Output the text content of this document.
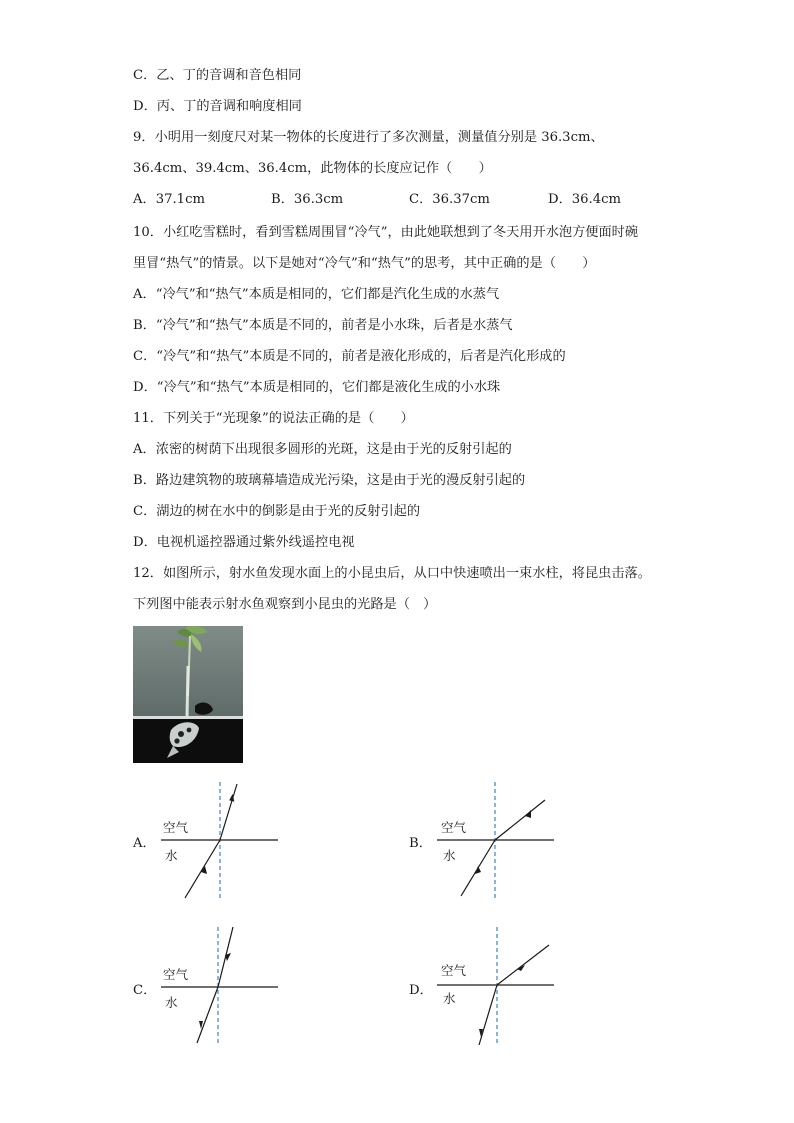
C．乙、丁的音调和音色相同
D．丙、丁的音调和响度相同
9．小明用一刻度尺对某一物体的长度进行了多次测量，测量值分别是 36.3cm、
36.4cm、39.4cm、36.4cm，此物体的长度应记作（　　）
A．37.1cm	B．36.3cm	C．36.37cm	D．36.4cm
10．小红吃雪糕时，看到雪糕周围冒“冷气”，由此她联想到了冬天用开水泡方便面时碗
里冒“热气”的情景。以下是她对“冷气”和“热气”的思考，其中正确的是（　　）
A．“冷气”和“热气”本质是相同的，它们都是汽化生成的水蒸气
B．“冷气”和“热气”本质是不同的，前者是小水珠，后者是水蒸气
C．“冷气”和“热气”本质是不同的，前者是液化形成的，后者是汽化形成的
D．“冷气”和“热气”本质是相同的，它们都是液化生成的小水珠
11．下列关于“光现象”的说法正确的是（　　）
A．浓密的树荫下出现很多圆形的光斑，这是由于光的反射引起的
B．路边建筑物的玻璃幕墙造成光污染，这是由于光的漫反射引起的
C．湖边的树在水中的倒影是由于光的反射引起的
D．电视机遥控器通过紫外线遥控电视
12．如图所示，射水鱼发现水面上的小昆虫后，从口中快速喷出一束水柱，将昆虫击落。
下列图中能表示射水鱼观察到小昆虫的光路是（　）
A．
空气
水
B．
空气
水
C．
空气
水
D．
空气
水
